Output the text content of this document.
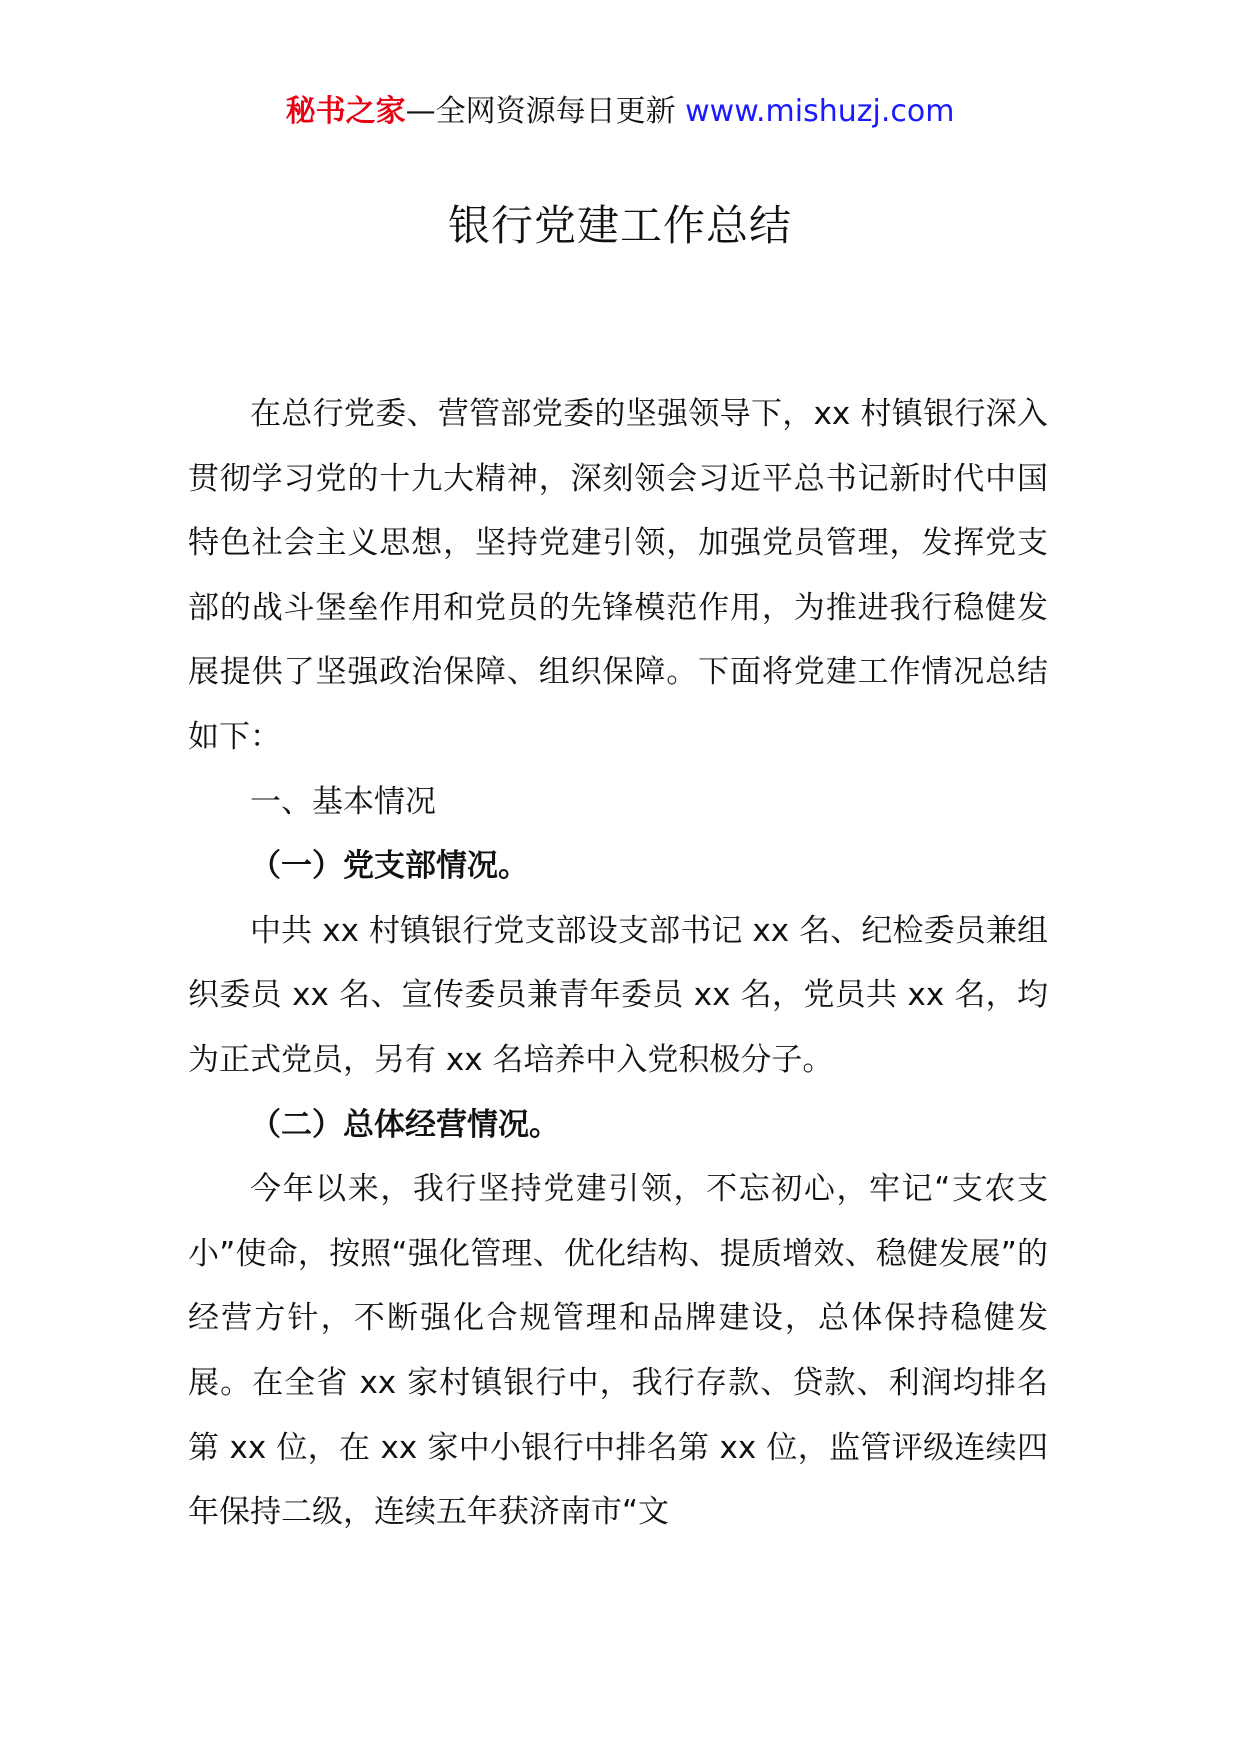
秘书之家—全网资源每日更新 www.mishuzj.com
银行党建工作总结

在总行党委、营管部党委的坚强领导下，xx 村镇银行深入贯彻学习党的十九大精神，深刻领会习近平总书记新时代中国特色社会主义思想，坚持党建引领，加强党员管理，发挥党支部的战斗堡垒作用和党员的先锋模范作用，为推进我行稳健发展提供了坚强政治保障、组织保障。下面将党建工作情况总结如下：

一、基本情况

（一）党支部情况。

中共 xx 村镇银行党支部设支部书记 xx 名、纪检委员兼组织委员 xx 名、宣传委员兼青年委员 xx 名，党员共 xx 名，均为正式党员，另有 xx 名培养中入党积极分子。

（二）总体经营情况。

今年以来，我行坚持党建引领，不忘初心，牢记“支农支小”使命，按照“强化管理、优化结构、提质增效、稳健发展”的经营方针，不断强化合规管理和品牌建设，总体保持稳健发展。在全省 xx 家村镇银行中，我行存款、贷款、利润均排名第 xx 位，在 xx 家中小银行中排名第 xx 位，监管评级连续四年保持二级，连续五年获济南市“文
